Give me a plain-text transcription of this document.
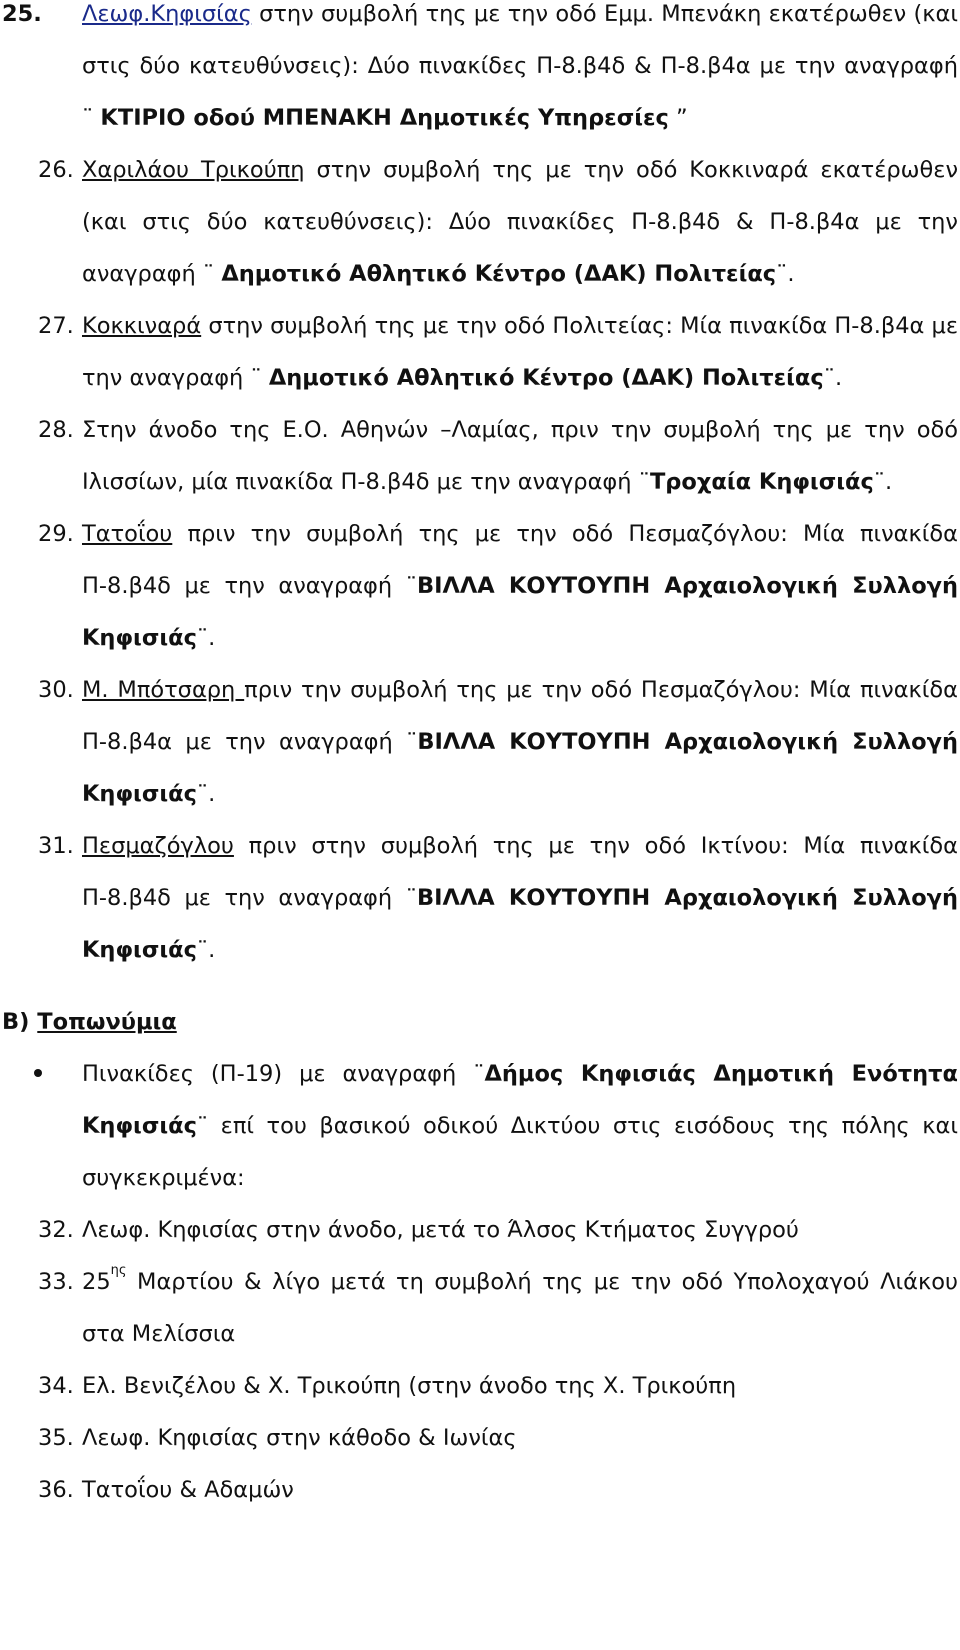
25. Λεωφ.Κηφισίας στην συμβολή της με την οδό Εμμ. Μπενάκη εκατέρωθεν (και στις δύο κατευθύνσεις): Δύο πινακίδες Π-8.β4δ & Π-8.β4α με την αναγραφή ¨ ΚΤΙΡΙΟ οδού ΜΠΕΝΑΚΗ Δημοτικές Υπηρεσίες ”
26. Χαριλάου Τρικούπη στην συμβολή της με την οδό Κοκκιναρά εκατέρωθεν (και στις δύο κατευθύνσεις): Δύο πινακίδες Π-8.β4δ & Π-8.β4α με την αναγραφή ¨ Δημοτικό Αθλητικό Κέντρο (ΔΑΚ) Πολιτείας¨.
27. Κοκκιναρά στην συμβολή της με την οδό Πολιτείας: Μία πινακίδα Π-8.β4α με την αναγραφή ¨ Δημοτικό Αθλητικό Κέντρο (ΔΑΚ) Πολιτείας¨.
28. Στην άνοδο της Ε.Ο. Αθηνών –Λαμίας, πριν την συμβολή της με την οδό Ιλισσίων, μία πινακίδα Π-8.β4δ με την αναγραφή ¨Τροχαία Κηφισιάς¨.
29. Τατοΐου πριν την συμβολή της με την οδό Πεσμαζόγλου: Μία πινακίδα Π-8.β4δ με την αναγραφή ¨ΒΙΛΛΑ ΚΟΥΤΟΥΠΗ Αρχαιολογική Συλλογή Κηφισιάς¨.
30. Μ. Μπότσαρη πριν την συμβολή της με την οδό Πεσμαζόγλου: Μία πινακίδα Π-8.β4α με την αναγραφή ¨ΒΙΛΛΑ ΚΟΥΤΟΥΠΗ Αρχαιολογική Συλλογή Κηφισιάς¨.
31. Πεσμαζόγλου πριν στην συμβολή της με την οδό Ικτίνου: Μία πινακίδα Π-8.β4δ με την αναγραφή ¨ΒΙΛΛΑ ΚΟΥΤΟΥΠΗ Αρχαιολογική Συλλογή Κηφισιάς¨.
Β) Τοπωνύμια
Πινακίδες (Π-19) με αναγραφή ¨Δήμος Κηφισιάς Δημοτική Ενότητα Κηφισιάς¨ επί του βασικού οδικού Δικτύου στις εισόδους της πόλης και συγκεκριμένα:
32. Λεωφ. Κηφισίας στην άνοδο, μετά το Άλσος Κτήματος Συγγρού
33. $25^{\eta\varsigma}$ Μαρτίου & λίγο μετά τη συμβολή της με την οδό Υπολοχαγού Λιάκου στα Μελίσσια
34. Ελ. Βενιζέλου & Χ. Τρικούπη (στην άνοδο της Χ. Τρικούπη
35. Λεωφ. Κηφισίας στην κάθοδο & Ιωνίας
36. Τατοΐου & Αδαμών
